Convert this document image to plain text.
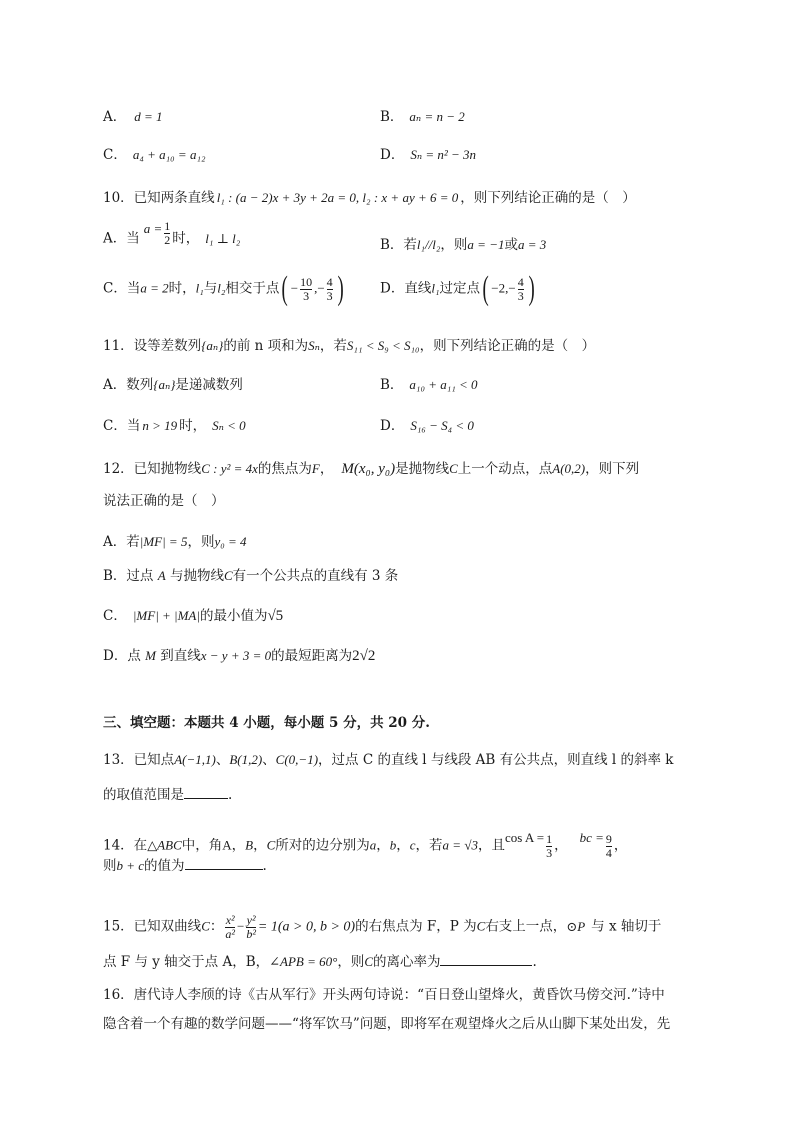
A． d = 1	B． aₙ = n − 2
C． a₄ + a₁₀ = a₁₂	D． Sₙ = n² − 3n
10．已知两条直线 l₁ : (a − 2)x + 3y + 2a = 0, l₂ : x + ay + 6 = 0 ，则下列结论正确的是（　）
A．当$a = \frac{1}{2}$ 时， l₁ ⊥ l₂	B．若l₁//l₂，则a = −1或a = 3
C．当a = 2时，l₁与l₂相交于点( − $\frac{10}{3}$ ,− $\frac{4}{3}$ )	D．直线l₁过定点( $-2,- \frac{4}{3}$ )
11．设等差数列{aₙ}的前 n 项和为Sₙ，若S₁₁ < S₉ < S₁₀，则下列结论正确的是（　）
A．数列{aₙ}是递减数列	B． a₁₀ + a₁₁ < 0
C．当 n > 19 时， Sₙ < 0	D． S₁₆ − S₄ < 0
12．已知抛物线C : y² = 4x的焦点为F， M(x₀, y₀)是抛物线C上一个动点，点A(0,2)，则下列
说法正确的是（　）
A．若|MF| = 5，则y₀ = 4
B．过点 A 与抛物线C有一个公共点的直线有 3 条
C． |MF| + |MA|的最小值为√5
D．点 M 到直线x − y + 3 = 0的最短距离为2√2
三、填空题：本题共 4 小题，每小题 5 分，共 20 分.
13．已知点A(−1,1)、B(1,2)、C(0,−1)，过点 C 的直线 l 与线段 AB 有公共点，则直线 l 的斜率 k
的取值范围是	.
14．在△ABC中，角A，B，C所对的边分别为a，b，c，若a = √3，且$\cos A = \frac{1}{3}$ ，bc = $\frac{9}{4}$ ，
则b + c的值为	.
15．已知双曲线C： $\frac{\text{x²}}{\text{a²}} - \frac{\text{y²}}{\text{b²}} = 1(a > 0$, b > 0)的右焦点为 F，P 为C右支上一点，⊙P 与 x 轴切于
点 F 与 y 轴交于点 A，B，∠APB = 60°，则C的离心率为	.
16．唐代诗人李颀的诗《古从军行》开头两句诗说：“百日登山望烽火，黄昏饮马傍交河.”诗中
隐含着一个有趣的数学问题——“将军饮马”问题，即将军在观望烽火之后从山脚下某处出发，先
